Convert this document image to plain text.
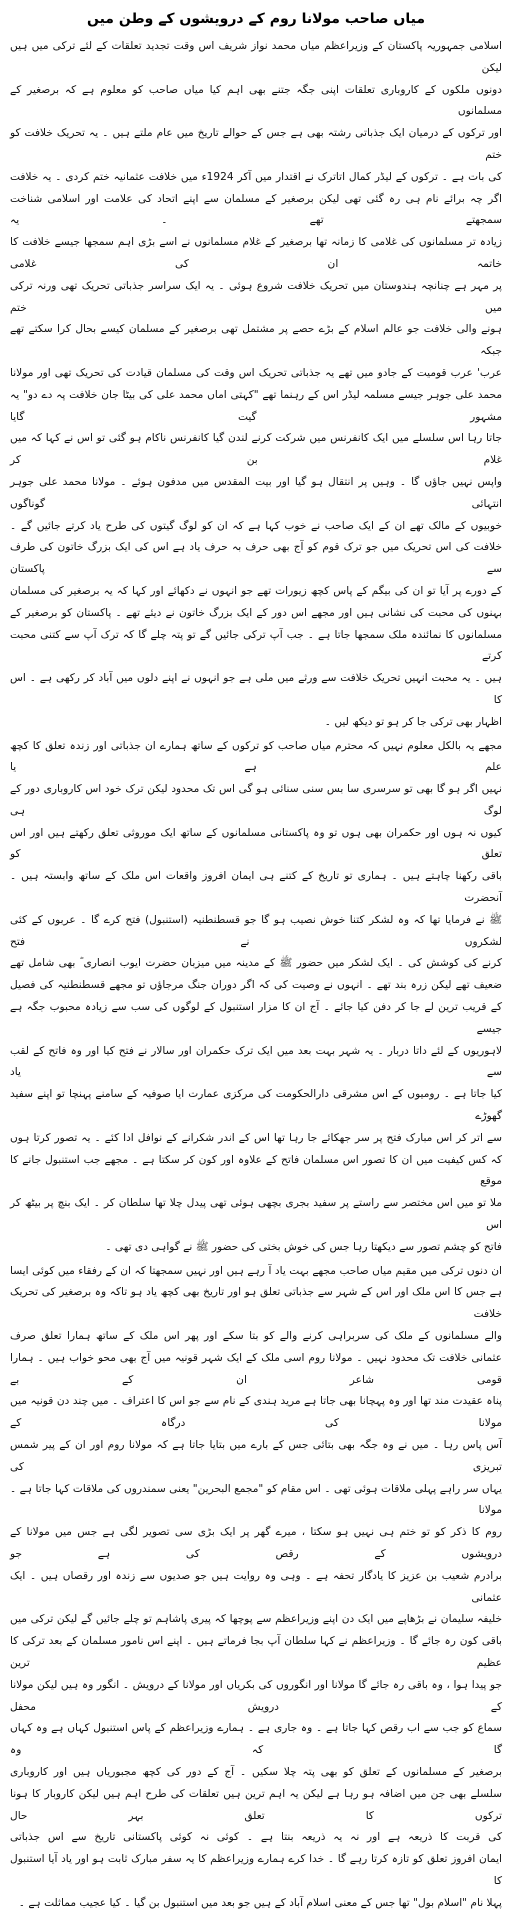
میاں صاحب مولانا روم کے درویشوں کے وطن میں
اسلامی جمہوریہ پاکستان کے وزیراعظم میاں محمد نواز شریف اس وقت تجدید تعلقات کے لئے ترکی میں ہیں لیکن
دونوں ملکوں کے کاروباری تعلقات اپنی جگہ جتنے بھی اہم کیا میاں صاحب کو معلوم ہے کہ برصغیر کے مسلمانوں
اور ترکوں کے درمیان ایک جذباتی رشتہ بھی ہے جس کے حوالے تاریخ میں عام ملتے ہیں ۔ یہ تحریک خلافت کو ختم
کی بات ہے ۔ ترکوں کے لیڈر کمال اتاترک نے اقتدار میں آکر 1924ء میں خلافت عثمانیہ ختم کردی ۔ یہ خلافت
اگر چہ برائے نام ہی رہ گئی تھی لیکن برصغیر کے مسلمان سے اپنے اتحاد کی علامت اور اسلامی شناخت سمجھتے تھے ۔ یہ
زیادہ تر مسلمانوں کی غلامی کا زمانہ تھا برصغیر کے غلام مسلمانوں نے اسے بڑی اہم سمجھا جیسے خلافت کا خاتمہ ان کی غلامی
پر مہر ہے چنانچہ ہندوستان میں تحریک خلافت شروع ہوئی ۔ یہ ایک سراسر جذباتی تحریک تھی ورنہ ترکی میں ختم
ہونے والی خلافت جو عالم اسلام کے بڑے حصے پر مشتمل تھی برصغیر کے مسلمان کیسے بحال کرا سکتے تھے جبکہ
عرب' عرب قومیت کے جادو میں تھے یہ جذباتی تحریک اس وقت کی مسلمان قیادت کی تحریک تھی اور مولانا
محمد علی جوہر جیسے مسلمہ لیڈر اس کے رہنما تھے "کہتی اماں محمد علی کی بیٹا جان خلافت پہ دے دو" یہ مشہور گیت گایا
جاتا رہا اس سلسلے میں ایک کانفرنس میں شرکت کرنے لندن گیا کانفرنس ناکام ہو گئی تو اس نے کہا کہ میں غلام بن کر
واپس نہیں جاؤں گا ۔ وہیں پر انتقال ہو گیا اور بیت المقدس میں مدفون ہوئے ۔ مولانا محمد علی جوہر انتہائی گوناگوں
خوبیوں کے مالک تھے ان کے ایک صاحب نے خوب کہا ہے کہ ان کو لوگ گیتوں کی طرح یاد کرتے جائیں گے ۔
خلافت کی اس تحریک میں جو ترک قوم کو آج بھی حرف بہ حرف یاد ہے اس کی ایک بزرگ خاتون کی طرف سے پاکستان
کے دورے پر آیا تو ان کی بیگم کے پاس کچھ زیورات تھے جو انہوں نے دکھائے اور کہا کہ یہ برصغیر کی مسلمان
بہنوں کی محبت کی نشانی ہیں اور مجھے اس دور کے ایک بزرگ خاتون نے دیئے تھے ۔ پاکستان کو برصغیر کے
مسلمانوں کا نمائندہ ملک سمجھا جاتا ہے ۔ جب آپ ترکی جائیں گے تو پتہ چلے گا کہ ترک آپ سے کتنی محبت کرتے
ہیں ۔ یہ محبت انہیں تحریک خلافت سے ورثے میں ملی ہے جو انہوں نے اپنے دلوں میں آباد کر رکھی ہے ۔ اس کا
اظہار بھی ترکی جا کر ہو تو دیکھ لیں ۔
مجھے یہ بالکل معلوم نہیں کہ محترم میاں صاحب کو ترکوں کے ساتھ ہمارے ان جذباتی اور زندہ تعلق کا کچھ علم ہے یا
نہیں اگر ہو گا بھی تو سرسری سا بس سنی سنائی ہو گی اس تک محدود لیکن ترک خود اس کاروباری دور کے لوگ ہی
کیوں نہ ہوں اور حکمران بھی ہوں تو وہ پاکستانی مسلمانوں کے ساتھ ایک موروثی تعلق رکھتے ہیں اور اس تعلق کو
باقی رکھنا چاہتے ہیں ۔ ہماری تو تاریخ کے کتنے ہی ایمان افروز واقعات اس ملک کے ساتھ وابستہ ہیں ۔ آنحضرت
ﷺ نے فرمایا تھا کہ وہ لشکر کتنا خوش نصیب ہو گا جو قسطنطنیہ (استنبول) فتح کرے گا ۔ عربوں کے کئی لشکروں نے فتح
کرنے کی کوشش کی ۔ ایک لشکر میں حضور ﷺ کے مدینہ میں میزبان حضرت ایوب انصاری ؓ بھی شامل تھے
ضعیف تھے لیکن زرہ بند تھے ۔ انہوں نے وصیت کی کہ اگر دوران جنگ مرجاؤں تو مجھے قسطنطنیہ کی فصیل
کے قریب ترین لے جا کر دفن کیا جائے ۔ آج ان کا مزار استنبول کے لوگوں کی سب سے زیادہ محبوب جگہ ہے جیسے
لاہوریوں کے لئے داتا دربار ۔ یہ شہر بہت بعد میں ایک ترک حکمران اور سالار نے فتح کیا اور وہ فاتح کے لقب سے یاد
کیا جاتا ہے ۔ رومیوں کے اس مشرقی دارالحکومت کی مرکزی عمارت ایا صوفیہ کے سامنے پہنچا تو اپنے سفید گھوڑے
سے اتر کر اس مبارک فتح پر سر جھکائے جا رہا تھا اس کے اندر شکرانے کے نوافل ادا کئے ۔ یہ تصور کرتا ہوں
کہ کس کیفیت میں ان کا تصور اس مسلمان فاتح کے علاوہ اور کون کر سکتا ہے ۔ مجھے جب استنبول جانے کا موقع
ملا تو میں اس مختصر سے راستے پر سفید بجری بچھی ہوئی تھی پیدل چلا تھا سلطان کر ۔ ایک بنچ پر بیٹھ کر اس
فاتح کو چشم تصور سے دیکھتا رہا جس کی خوش بختی کی حضور ﷺ نے گواہی دی تھی ۔
ان دنوں ترکی میں مقیم میاں صاحب مجھے بہت یاد آ رہے ہیں اور نہیں سمجھتا کہ ان کے رفقاء میں کوئی ایسا
ہے جس کا اس ملک اور اس کے شہر سے جذباتی تعلق ہو اور تاریخ بھی کچھ یاد ہو تاکہ وہ برصغیر کی تحریک خلافت
والے مسلمانوں کے ملک کی سربراہی کرنے والے کو بتا سکے اور پھر اس ملک کے ساتھ ہمارا تعلق صرف
عثمانی خلافت تک محدود نہیں ۔ مولانا روم اسی ملک کے ایک شہر قونیہ میں آج بھی محو خواب ہیں ۔ ہمارا قومی شاعر ان کے بے
پناہ عقیدت مند تھا اور وہ پہچانا بھی جاتا ہے مرید ہندی کے نام سے جو اس کا اعتراف ۔ میں چند دن قونیہ میں مولانا کی درگاہ کے
آس پاس رہا ۔ میں نے وہ جگہ بھی بتائی جس کے بارے میں بتایا جاتا ہے کہ مولانا روم اور ان کے پیر شمس تبریزی کی
یہاں سر راہے پہلی ملاقات ہوئی تھی ۔ اس مقام کو "مجمع البحرین" یعنی سمندروں کی ملاقات کہا جاتا ہے ۔ مولانا
روم کا ذکر کو تو ختم ہی نہیں ہو سکتا ، میرے گھر پر ایک بڑی سی تصویر لگی ہے جس میں مولانا کے درویشوں کے رقص کی ہے جو
برادرم شعیب بن عزیز کا یادگار تحفہ ہے ۔ وہی وہ روایت ہیں جو صدیوں سے زندہ اور رقصاں ہیں ۔ ایک عثمانی
خلیفہ سلیمان نے بڑھاپے میں ایک دن اپنے وزیراعظم سے پوچھا کہ پیری پاشاہم تو چلے جائیں گے لیکن ترکی میں
باقی کون رہ جائے گا ۔ وزیراعظم نے کہا سلطان آپ بجا فرماتے ہیں ۔ اپنے اس نامور مسلمان کے بعد ترکی کا عظیم ترین
جو پیدا ہوا ، وہ باقی رہ جائے گا مولانا اور انگوروں کی بکریاں اور مولانا کے درویش ۔ انگور وہ ہیں لیکن مولانا کے درویش محفل
سماع کو جب سے اب رقص کہا جاتا ہے ۔ وہ جاری ہے ۔ ہمارے وزیراعظم کے پاس استنبول کہاں ہے وہ کہاں گا کہ وہ
برصغیر کے مسلمانوں کے تعلق کو بھی پتہ چلا سکیں ۔ آج کے دور کی کچھ مجبوریاں ہیں اور کاروباری
سلسلے بھی جن میں اضافہ ہو رہا ہے لیکن یہ اہم ترین ہیں تعلقات کی طرح اہم ہیں لیکن کاروبار کا ہونا ترکوں کا تعلق بہر حال
کی قربت کا ذریعہ ہے اور نہ یہ ذریعہ بنتا ہے ۔ کوئی نہ کوئی پاکستانی تاریخ سے اس جذباتی
ایمان افروز تعلق کو تازہ کرتا رہے گا ۔ خدا کرے ہمارے وزیراعظم کا یہ سفر مبارک ثابت ہو اور یاد آیا استنبول کا
پہلا نام "اسلام بول" تھا جس کے معنی اسلام آباد کے ہیں جو بعد میں استنبول بن گیا ۔ کیا عجیب مماثلت ہے ۔
